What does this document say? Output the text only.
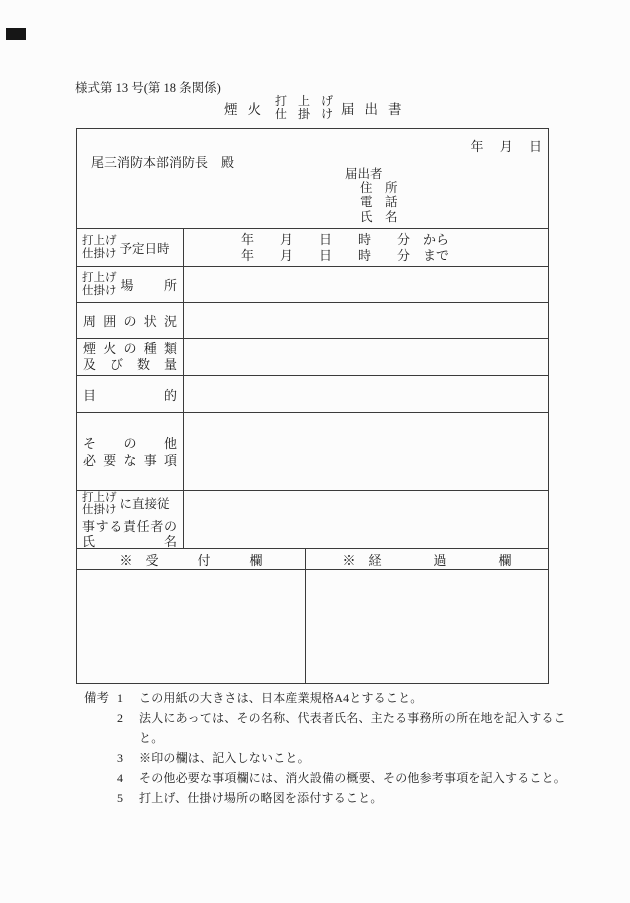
様式第 13 号(第 18 条関係)
煙火
打 上 げ
仕 掛 け 届出書
年　 月　 日
尾三消防本部消防長　殿
届出者
住　所
電　話
氏　名
打上げ
仕掛け 予定日時
年　　月　　日　　時　　分　から
年　　月　　日　　時　　分　まで
打上げ
仕掛け 場　所
周 囲 の 状 況
煙 火 の 種 類
及 び 数 量
目 的
そ の 他
必 要 な 事 項
打上げ
仕掛け に直接従
事する責任者の
氏 名
※　受　　　付　　　欄	※　経　　　　過　　　　欄
備考 1	この用紙の大きさは、日本産業規格A4とすること。
2	法人にあっては、その名称、代表者氏名、主たる事務所の所在地を記入すること。
3	※印の欄は、記入しないこと。
4	その他必要な事項欄には、消火設備の概要、その他参考事項を記入すること。
5	打上げ、仕掛け場所の略図を添付すること。
